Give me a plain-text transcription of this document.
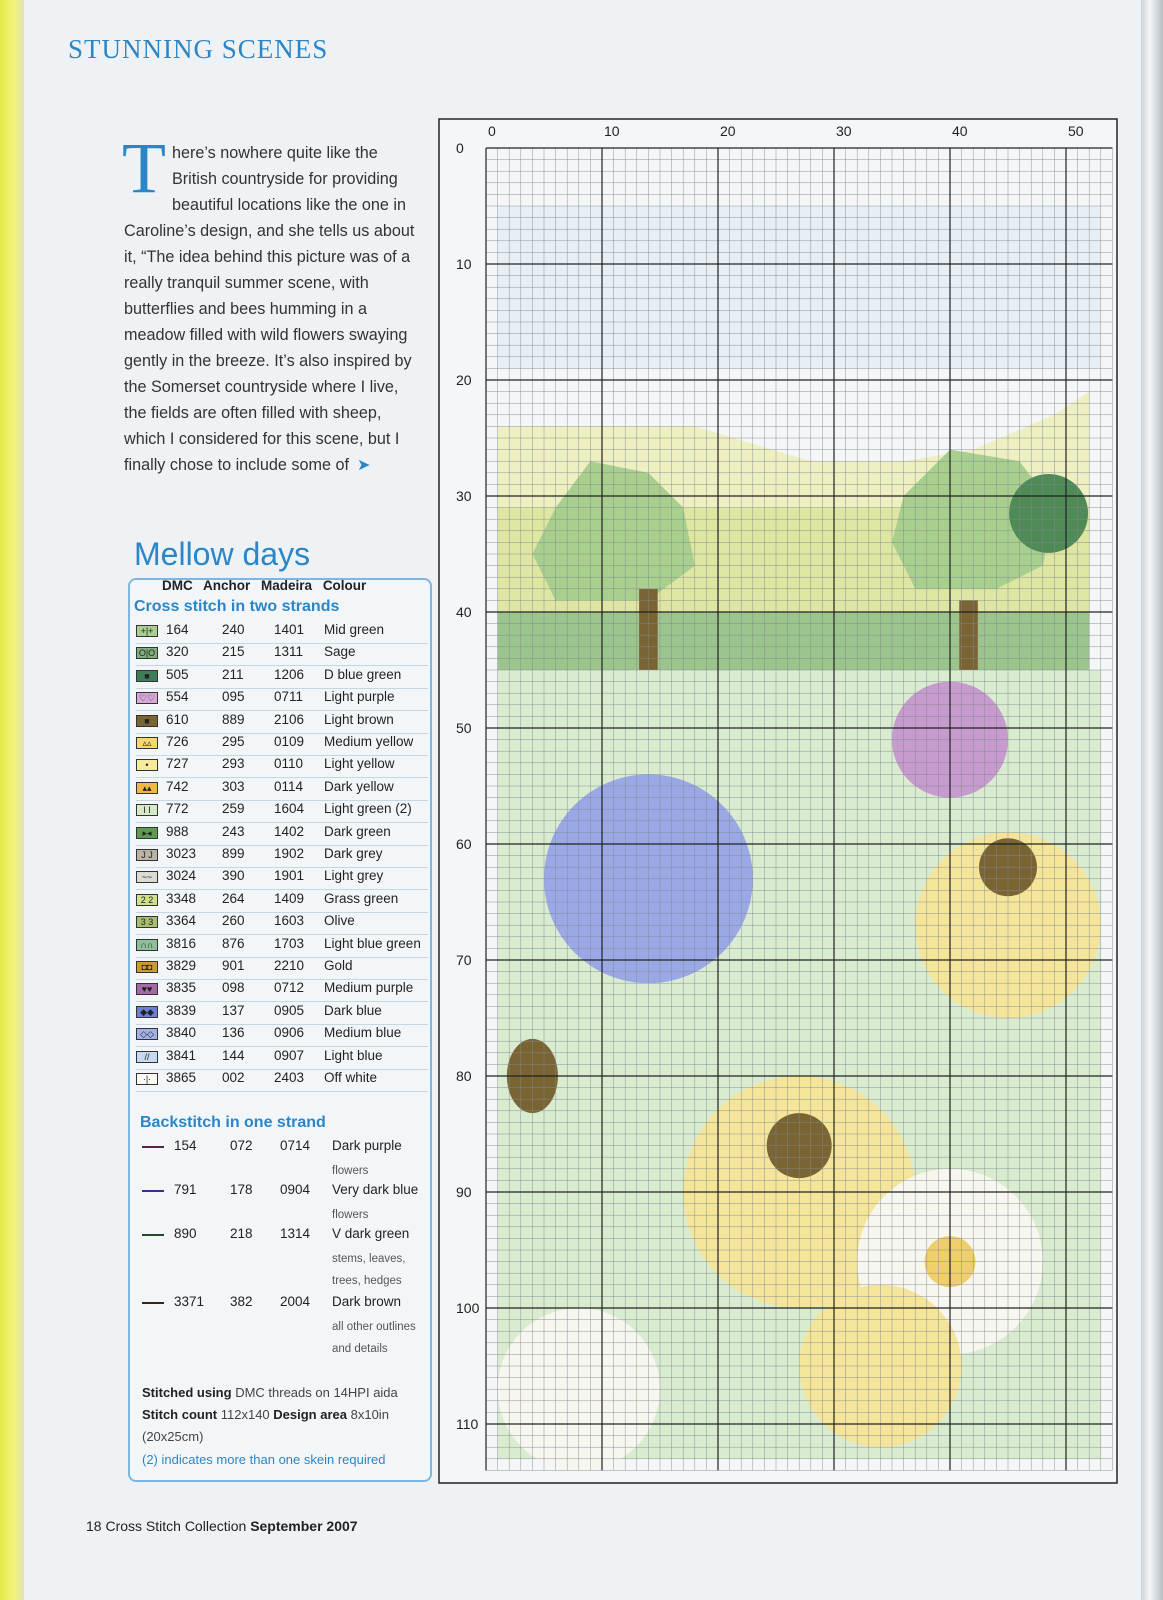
STUNNING SCENES
There’s nowhere quite like the British countryside for providing beautiful locations like the one in Caroline’s design, and she tells us about it, “The idea behind this picture was of a really tranquil summer scene, with butterflies and bees humming in a meadow filled with wild flowers swaying gently in the breeze. It’s also inspired by the Somerset countryside where I live, the fields are often filled with sheep, which I considered for this scene, but I finally chose to include some of ➤
Mellow days
DMC Anchor Madeira Colour
Cross stitch in two strands
+|+ 164 240 1401 Mid green
O|O 320 215 1311 Sage
■	505 211 1206 D blue green
♡♡ 554 095 0711 Light purple
■	610 889 2106 Light brown
▵▵	726 295 0109 Medium yellow
•	727 293 0110 Light yellow
▴▴	742 303 0114 Dark yellow
I I	772 259 1604 Light green (2)
▸◂	988 243 1402 Dark green
J J 3023 899 1902 Dark grey
~~	3024 390 1901 Light grey
2 2 3348 264 1409 Grass green
3 3 3364 260 1603 Olive
∩∩ 3816 876 1703 Light blue green
◘◘	3829 901 2210 Gold
♥♥	3835 098 0712 Medium purple
◆◆ 3839 137 0905 Dark blue
◇◇ 3840 136 0906 Medium blue
//	3841 144 0907 Light blue
·|·	3865 002 2403 Off white
Backstitch in one strand
154 072 0714 Dark purple
flowers
791 178 0904 Very dark blue
flowers
890 218 1314 V dark green
stems, leaves,
trees, hedges
3371 382 2004 Dark brown
all other outlines
and details
Stitched using DMC threads on 14HPI aida
Stitch count 112x140 Design area 8x10in
(20x25cm)
(2) indicates more than one skein required
0	10	20	30	40	50
0
10
20
30
40
50
60
70
80
90
100
110
18 Cross Stitch Collection September 2007
